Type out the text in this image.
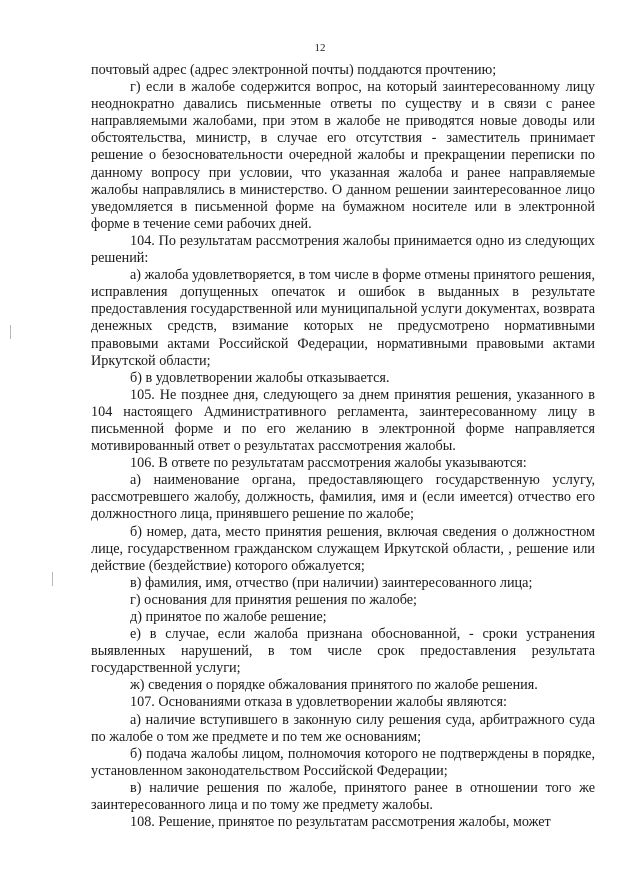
12

почтовый адрес (адрес электронной почты) поддаются прочтению;

г) если в жалобе содержится вопрос, на который заинтересованному лицу неоднократно давались письменные ответы по существу и в связи с ранее направляемыми жалобами, при этом в жалобе не приводятся новые доводы или обстоятельства, министр, в случае его отсутствия - заместитель принимает решение о безосновательности очередной жалобы и прекращении переписки по данному вопросу при условии, что указанная жалоба и ранее направляемые жалобы направлялись в министерство. О данном решении заинтересованное лицо уведомляется в письменной форме на бумажном носителе или в электронной форме в течение семи рабочих дней.

104. По результатам рассмотрения жалобы принимается одно из следующих решений:

а) жалоба удовлетворяется, в том числе в форме отмены принятого решения, исправления допущенных опечаток и ошибок в выданных в результате предоставления государственной или муниципальной услуги документах, возврата денежных средств, взимание которых не предусмотрено нормативными правовыми актами Российской Федерации, нормативными правовыми актами Иркутской области;

б) в удовлетворении жалобы отказывается.

105. Не позднее дня, следующего за днем принятия решения, указанного в 104 настоящего Административного регламента, заинтересованному лицу в письменной форме и по его желанию в электронной форме направляется мотивированный ответ о результатах рассмотрения жалобы.

106. В ответе по результатам рассмотрения жалобы указываются:

а) наименование органа, предоставляющего государственную услугу, рассмотревшего жалобу, должность, фамилия, имя и (если имеется) отчество его должностного лица, принявшего решение по жалобе;

б) номер, дата, место принятия решения, включая сведения о должностном лице, государственном гражданском служащем Иркутской области, , решение или действие (бездействие) которого обжалуется;

в) фамилия, имя, отчество (при наличии) заинтересованного лица;

г) основания для принятия решения по жалобе;

д) принятое по жалобе решение;

е) в случае, если жалоба признана обоснованной, - сроки устранения выявленных нарушений, в том числе срок предоставления результата государственной услуги;

ж) сведения о порядке обжалования принятого по жалобе решения.

107. Основаниями отказа в удовлетворении жалобы являются:

а) наличие вступившего в законную силу решения суда, арбитражного суда по жалобе о том же предмете и по тем же основаниям;

б) подача жалобы лицом, полномочия которого не подтверждены в порядке, установленном законодательством Российской Федерации;

в) наличие решения по жалобе, принятого ранее в отношении того же заинтересованного лица и по тому же предмету жалобы.

108. Решение, принятое по результатам рассмотрения жалобы, может
